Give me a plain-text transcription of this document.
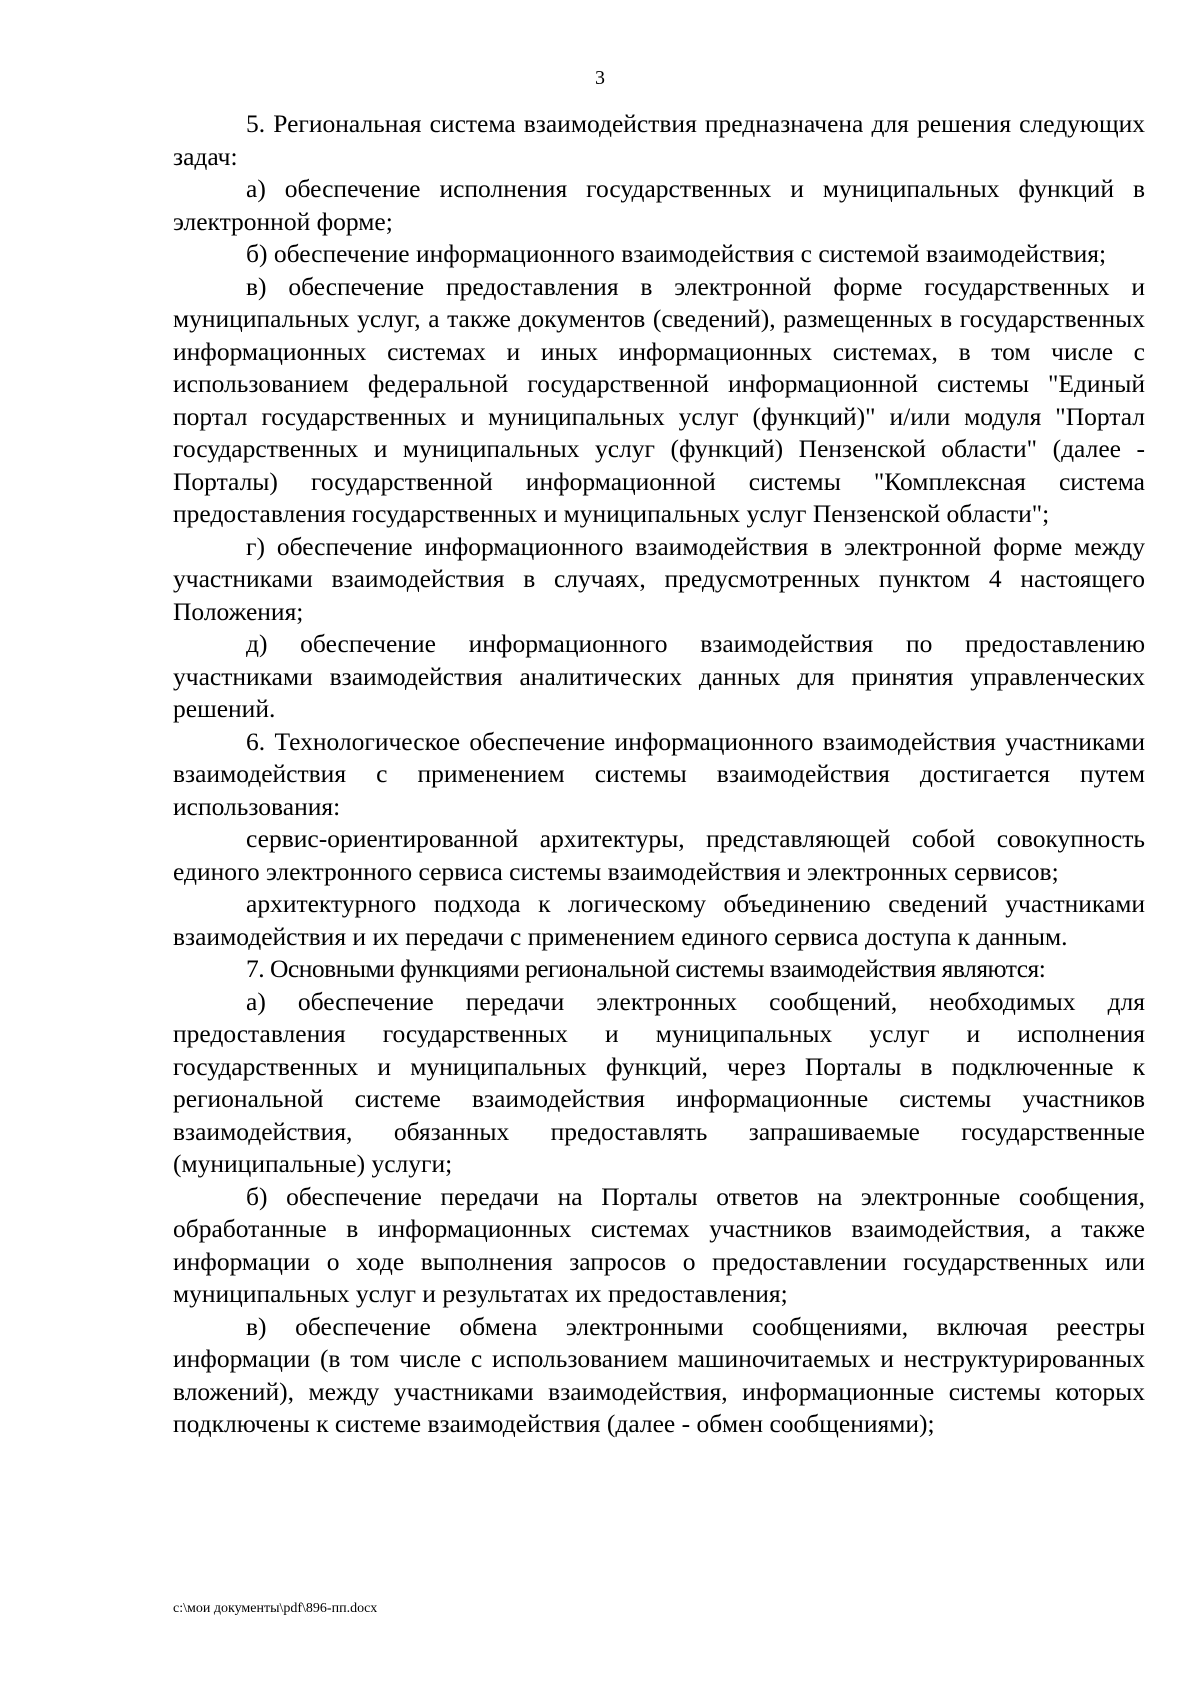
3

5. Региональная система взаимодействия предназначена для решения следующих задач:

а) обеспечение исполнения государственных и муниципальных функций в электронной форме;

б) обеспечение информационного взаимодействия с системой взаимодействия;

в) обеспечение предоставления в электронной форме государственных и муниципальных услуг, а также документов (сведений), размещенных в государственных информационных системах и иных информационных системах, в том числе с использованием федеральной государственной информационной системы "Единый портал государственных и муниципальных услуг (функций)" и/или модуля "Портал государственных и муниципальных услуг (функций) Пензенской области" (далее - Порталы) государственной информационной системы "Комплексная система предоставления государственных и муниципальных услуг Пензенской области";

г) обеспечение информационного взаимодействия в электронной форме между участниками взаимодействия в случаях, предусмотренных пунктом 4 настоящего Положения;

д) обеспечение информационного взаимодействия по предоставлению участниками взаимодействия аналитических данных для принятия управленческих решений.

6. Технологическое обеспечение информационного взаимодействия участниками взаимодействия с применением системы взаимодействия достигается путем использования:

сервис-ориентированной архитектуры, представляющей собой совокупность единого электронного сервиса системы взаимодействия и электронных сервисов;

архитектурного подхода к логическому объединению сведений участниками взаимодействия и их передачи с применением единого сервиса доступа к данным.

7. Основными функциями региональной системы взаимодействия являются:

а) обеспечение передачи электронных сообщений, необходимых для предоставления государственных и муниципальных услуг и исполнения государственных и муниципальных функций, через Порталы в подключенные к региональной системе взаимодействия информационные системы участников взаимодействия, обязанных предоставлять запрашиваемые государственные (муниципальные) услуги;

б) обеспечение передачи на Порталы ответов на электронные сообщения, обработанные в информационных системах участников взаимодействия, а также информации о ходе выполнения запросов о предоставлении государственных или муниципальных услуг и результатах их предоставления;

в) обеспечение обмена электронными сообщениями, включая реестры информации (в том числе с использованием машиночитаемых и неструктурированных вложений), между участниками взаимодействия, информационные системы которых подключены к системе взаимодействия (далее - обмен сообщениями);

c:\мои документы\pdf\896-пп.docx
